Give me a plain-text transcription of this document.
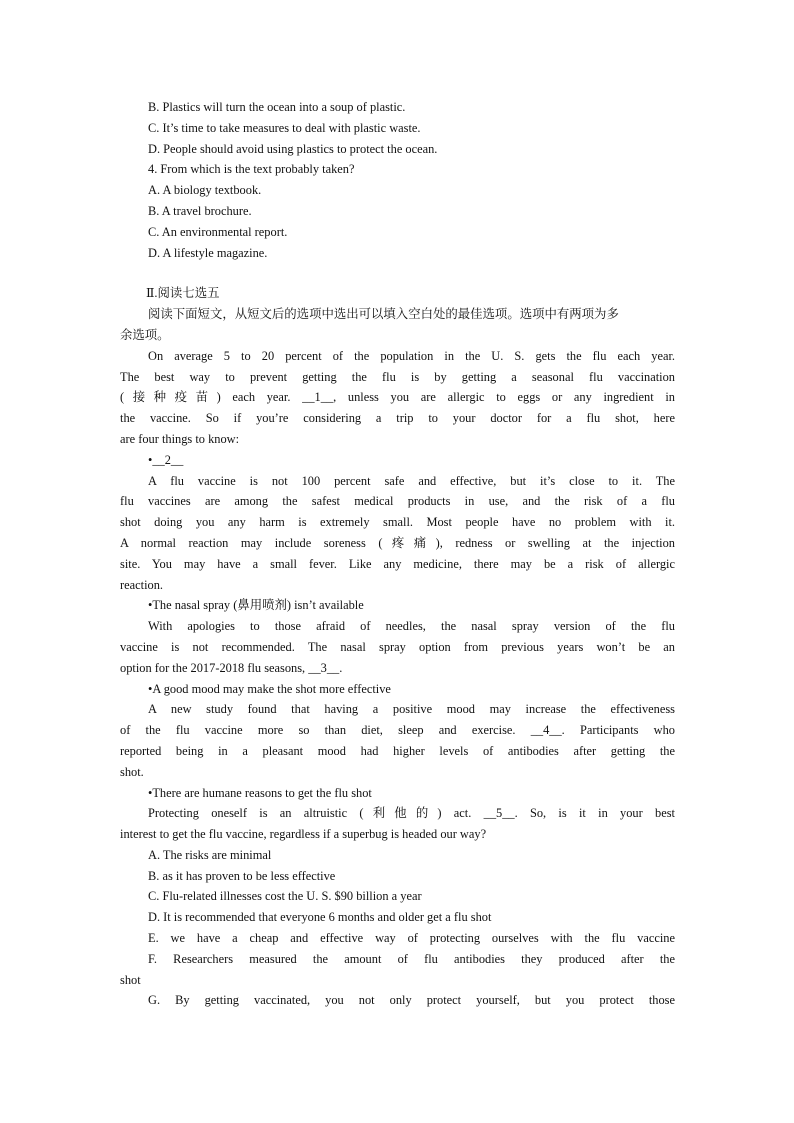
B. Plastics will turn the ocean into a soup of plastic.
C. It’s time to take measures to deal with plastic waste.
D. People should avoid using plastics to protect the ocean.
4. From which is the text probably taken?
A. A biology textbook.
B. A travel brochure.
C. An environmental report.
D. A lifestyle magazine.
Ⅱ.阅读七选五
阅读下面短文，从短文后的选项中选出可以填入空白处的最佳选项。选项中有两项为多
余选项。
On average 5 to 20 percent of the population in the U. S. gets the flu each year.
The best way to prevent getting the flu is by getting a seasonal flu vaccination
(接种疫苗) each year. __1__, unless you are allergic to eggs or any ingredient in
the vaccine. So if you’re considering a trip to your doctor for a flu shot, here
are four things to know:
•__2__
A flu vaccine is not 100 percent safe and effective, but it’s close to it. The
flu vaccines are among the safest medical products in use, and the risk of a flu
shot doing you any harm is extremely small. Most people have no problem with it.
A normal reaction may include soreness (疼痛), redness or swelling at the injection
site. You may have a small fever. Like any medicine, there may be a risk of allergic
reaction.
•The nasal spray (鼻用喷剂) isn’t available
With apologies to those afraid of needles, the nasal spray version of the flu
vaccine is not recommended. The nasal spray option from previous years won’t be an
option for the 2017-2018 flu seasons, __3__.
•A good mood may make the shot more effective
A new study found that having a positive mood may increase the effectiveness
of the flu vaccine more so than diet, sleep and exercise. __4__. Participants who
reported being in a pleasant mood had higher levels of antibodies after getting the
shot.
•There are humane reasons to get the flu shot
Protecting oneself is an altruistic (利他的) act. __5__. So, is it in your best
interest to get the flu vaccine, regardless if a superbug is headed our way?
A. The risks are minimal
B. as it has proven to be less effective
C. Flu-related illnesses cost the U. S. $90 billion a year
D. It is recommended that everyone 6 months and older get a flu shot
E. we have a cheap and effective way of protecting ourselves with the flu vaccine
F. Researchers measured the amount of flu antibodies they produced after the
shot
G. By getting vaccinated, you not only protect yourself, but you protect those
